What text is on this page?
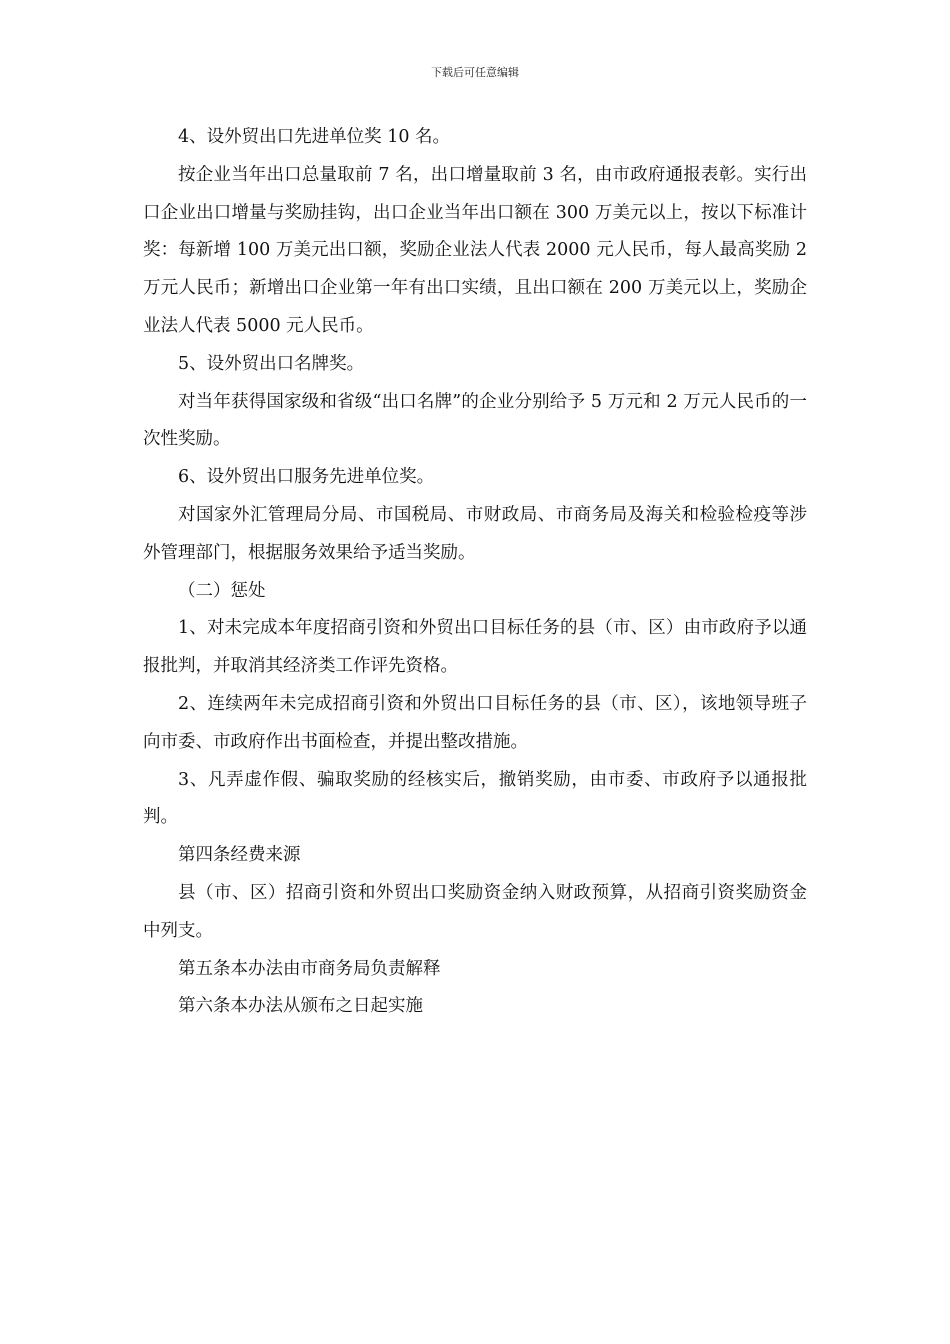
下载后可任意编辑

4、设外贸出口先进单位奖 10 名。

按企业当年出口总量取前 7 名，出口增量取前 3 名，由市政府通报表彰。实行出口企业出口增量与奖励挂钩，出口企业当年出口额在 300 万美元以上，按以下标准计奖：每新增 100 万美元出口额，奖励企业法人代表 2000 元人民币，每人最高奖励 2 万元人民币；新增出口企业第一年有出口实绩，且出口额在 200 万美元以上，奖励企业法人代表 5000 元人民币。

5、设外贸出口名牌奖。

对当年获得国家级和省级“出口名牌”的企业分别给予 5 万元和 2 万元人民币的一次性奖励。

6、设外贸出口服务先进单位奖。

对国家外汇管理局分局、市国税局、市财政局、市商务局及海关和检验检疫等涉外管理部门，根据服务效果给予适当奖励。

（二）惩处

1、对未完成本年度招商引资和外贸出口目标任务的县（市、区）由市政府予以通报批判，并取消其经济类工作评先资格。

2、连续两年未完成招商引资和外贸出口目标任务的县（市、区），该地领导班子向市委、市政府作出书面检查，并提出整改措施。

3、凡弄虚作假、骗取奖励的经核实后，撤销奖励，由市委、市政府予以通报批判。

第四条经费来源

县（市、区）招商引资和外贸出口奖励资金纳入财政预算，从招商引资奖励资金中列支。

第五条本办法由市商务局负责解释

第六条本办法从颁布之日起实施
